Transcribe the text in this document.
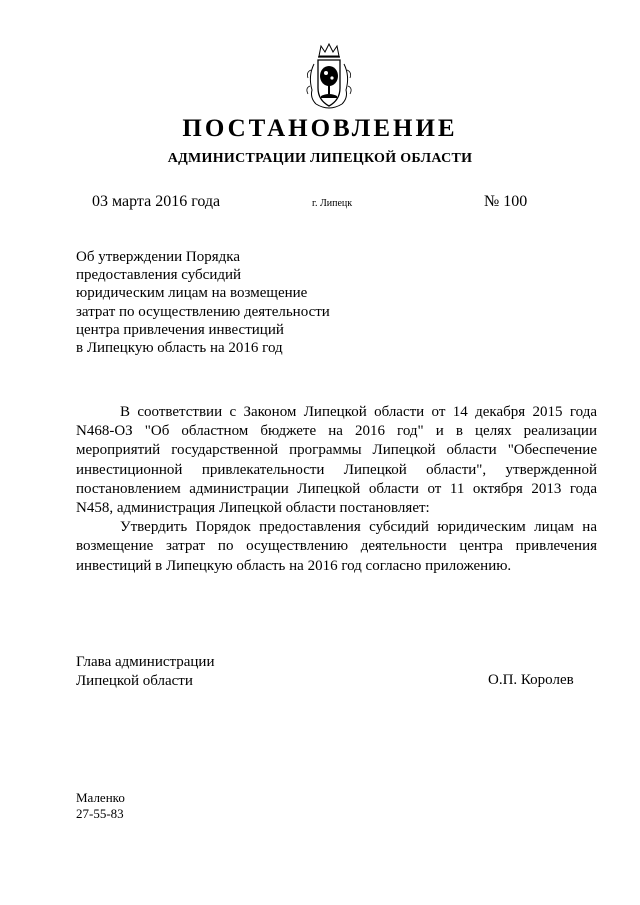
ПОСТАНОВЛЕНИЕ
АДМИНИСТРАЦИИ ЛИПЕЦКОЙ ОБЛАСТИ
03 марта 2016 года	г. Липецк	№ 100
Об утверждении Порядка
предоставления субсидий
юридическим лицам на возмещение
затрат по осуществлению деятельности
центра привлечения инвестиций
в Липецкую область на 2016 год

В соответствии с Законом Липецкой области от 14 декабря 2015 года N468-ОЗ "Об областном бюджете на 2016 год" и в целях реализации мероприятий государственной программы Липецкой области "Обеспечение инвестиционной привлекательности Липецкой области", утвержденной постановлением администрации Липецкой области от 11 октября 2013 года N458, администрация Липецкой области постановляет:

Утвердить Порядок предоставления субсидий юридическим лицам на возмещение затрат по осуществлению деятельности центра привлечения инвестиций в Липецкую область на 2016 год согласно приложению.

Глава администрации
Липецкой области	О.П. Королев
Маленко
27-55-83
